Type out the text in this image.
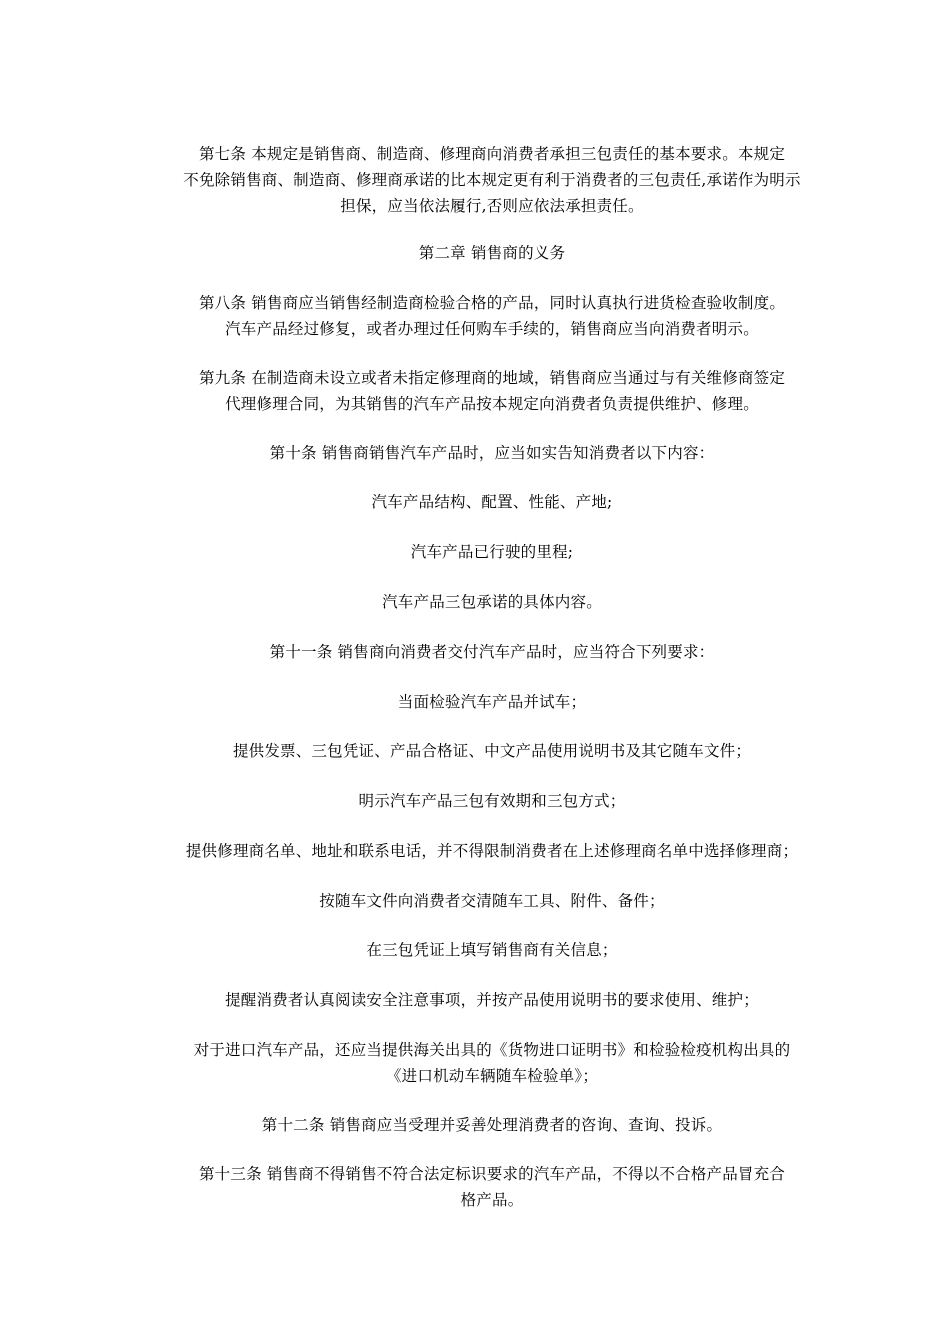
第七条 本规定是销售商、制造商、修理商向消费者承担三包责任的基本要求。本规定
不免除销售商、制造商、修理商承诺的比本规定更有利于消费者的三包责任,承诺作为明示
担保，应当依法履行,否则应依法承担责任。
第二章 销售商的义务
第八条 销售商应当销售经制造商检验合格的产品，同时认真执行进货检查验收制度。
汽车产品经过修复，或者办理过任何购车手续的，销售商应当向消费者明示。
第九条 在制造商未设立或者未指定修理商的地域，销售商应当通过与有关维修商签定
代理修理合同，为其销售的汽车产品按本规定向消费者负责提供维护、修理。
第十条 销售商销售汽车产品时，应当如实告知消费者以下内容：
汽车产品结构、配置、性能、产地;
汽车产品已行驶的里程;
汽车产品三包承诺的具体内容。
第十一条 销售商向消费者交付汽车产品时，应当符合下列要求：
当面检验汽车产品并试车；
提供发票、三包凭证、产品合格证、中文产品使用说明书及其它随车文件；
明示汽车产品三包有效期和三包方式；
提供修理商名单、地址和联系电话，并不得限制消费者在上述修理商名单中选择修理商；
按随车文件向消费者交清随车工具、附件、备件；
在三包凭证上填写销售商有关信息；
提醒消费者认真阅读安全注意事项，并按产品使用说明书的要求使用、维护；
对于进口汽车产品，还应当提供海关出具的《货物进口证明书》和检验检疫机构出具的
《进口机动车辆随车检验单》；
第十二条 销售商应当受理并妥善处理消费者的咨询、查询、投诉。
第十三条 销售商不得销售不符合法定标识要求的汽车产品，不得以不合格产品冒充合
格产品。
